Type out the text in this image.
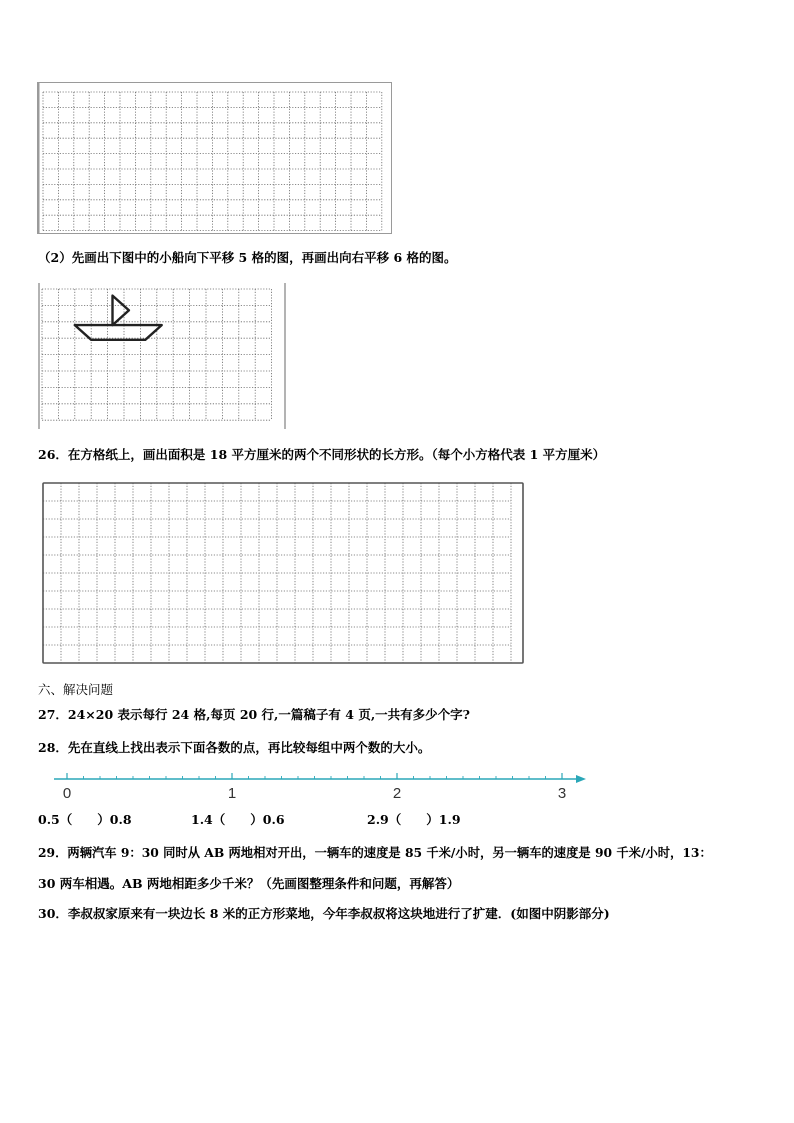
（2）先画出下图中的小船向下平移 5 格的图，再画出向右平移 6 格的图。
26．在方格纸上，画出面积是 18 平方厘米的两个不同形状的长方形。（每个小方格代表 1 平方厘米）
六、解决问题
27．24×20 表示每行 24 格,每页 20 行,一篇稿子有 4 页,一共有多少个字?
28．先在直线上找出表示下面各数的点，再比较每组中两个数的大小。
0	1	2	3
0.5（　　）0.8	1.4（　　）0.6	2.9（　　）1.9
29．两辆汽车 9：30 同时从 AB 两地相对开出，一辆车的速度是 85 千米/小时，另一辆车的速度是 90 千米/小时，13：
30 两车相遇。AB 两地相距多少千米？（先画图整理条件和问题，再解答）
30．李叔叔家原来有一块边长 8 米的正方形菜地，今年李叔叔将这块地进行了扩建．(如图中阴影部分)
